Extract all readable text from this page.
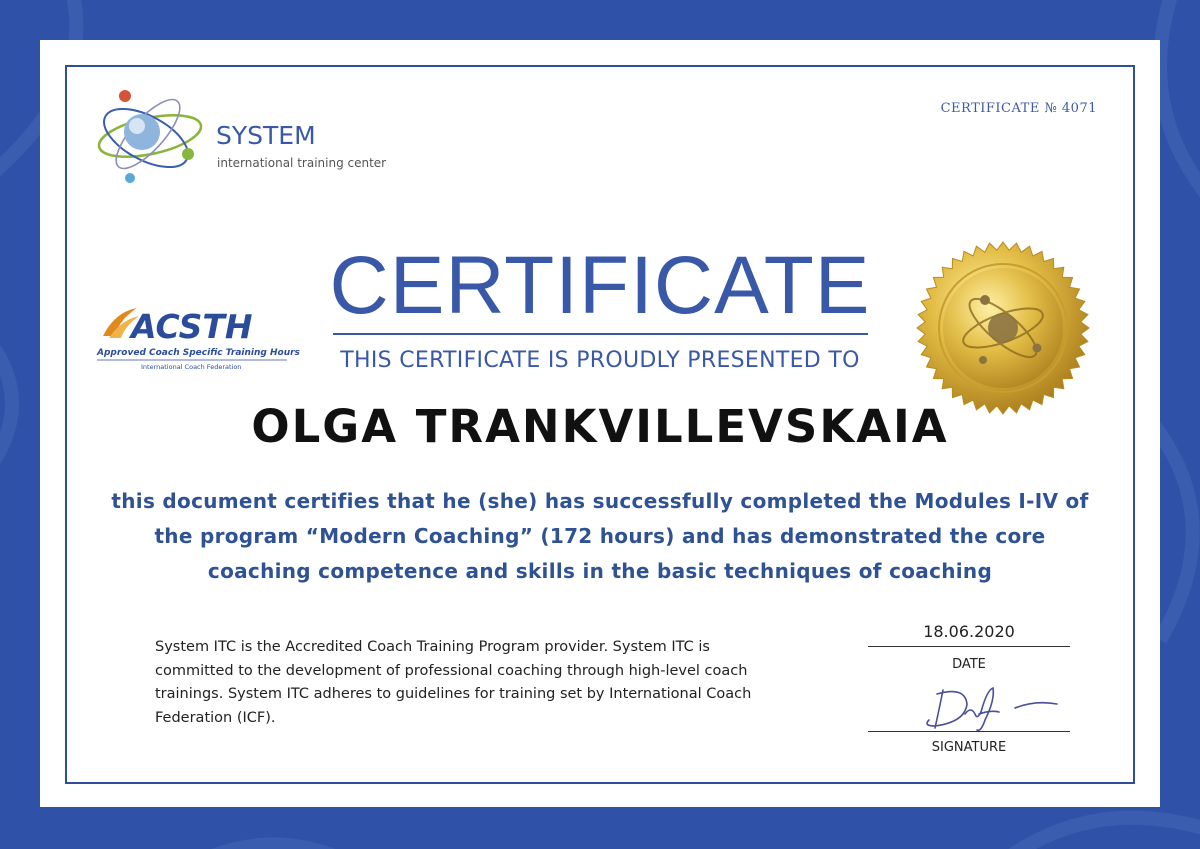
CERTIFICATE № 4071
SYSTEM
international training center
ACSTH
Approved Coach Specific Training Hours
International Coach Federation
CERTIFICATE
THIS CERTIFICATE IS PROUDLY PRESENTED TO
OLGA TRANKVILLEVSKAIA
this document certifies that he (she) has successfully completed the Modules I-IV of the program “Modern Coaching” (172 hours) and has demonstrated the core coaching competence and skills in the basic techniques of coaching
System ITC is the Accredited Coach Training Program provider. System ITC is committed to the development of professional coaching through high-level coach trainings. System ITC adheres to guidelines for training set by International Coach Federation (ICF).
18.06.2020
DATE
SIGNATURE
